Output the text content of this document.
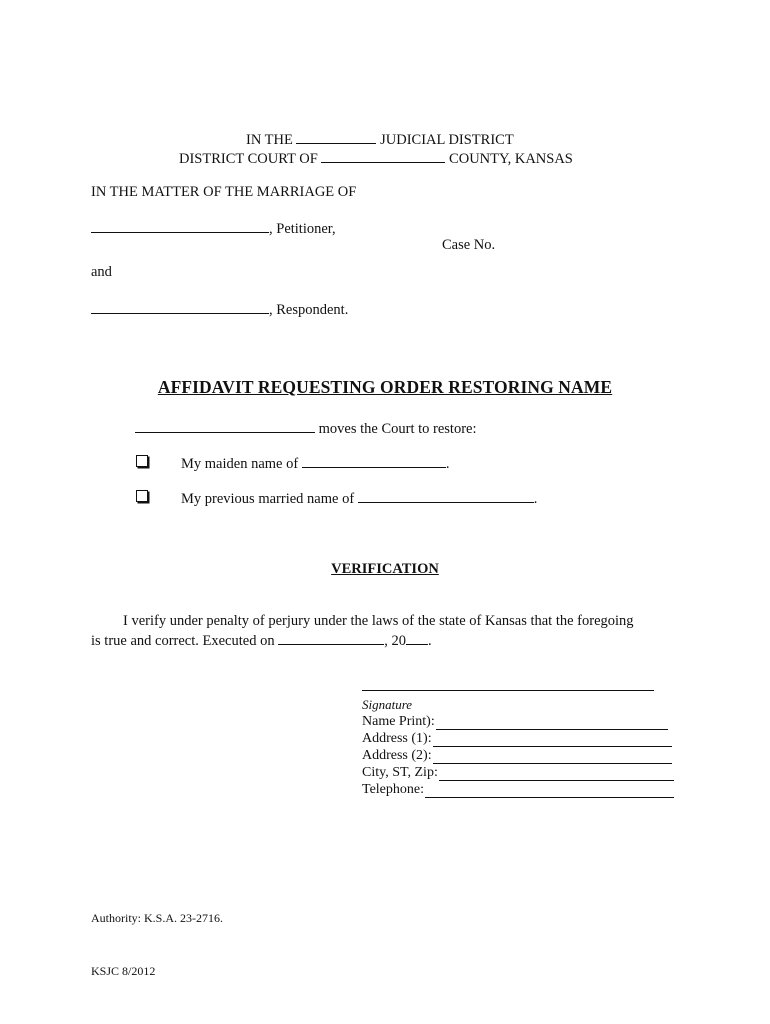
IN THE	JUDICIAL DISTRICT
DISTRICT COURT OF	COUNTY, KANSAS
IN THE MATTER OF THE MARRIAGE OF
, Petitioner,
Case No.
and
, Respondent.
AFFIDAVIT REQUESTING ORDER RESTORING NAME
moves the Court to restore:
My maiden name of	.
My previous married name of	.
VERIFICATION
I verify under penalty of perjury under the laws of the state of Kansas that the foregoing
is true and correct. Executed on	, 20 .
Signature
Name Print):
Address (1):
Address (2):
City, ST, Zip:
Telephone:
Authority: K.S.A. 23-2716.
KSJC 8/2012
